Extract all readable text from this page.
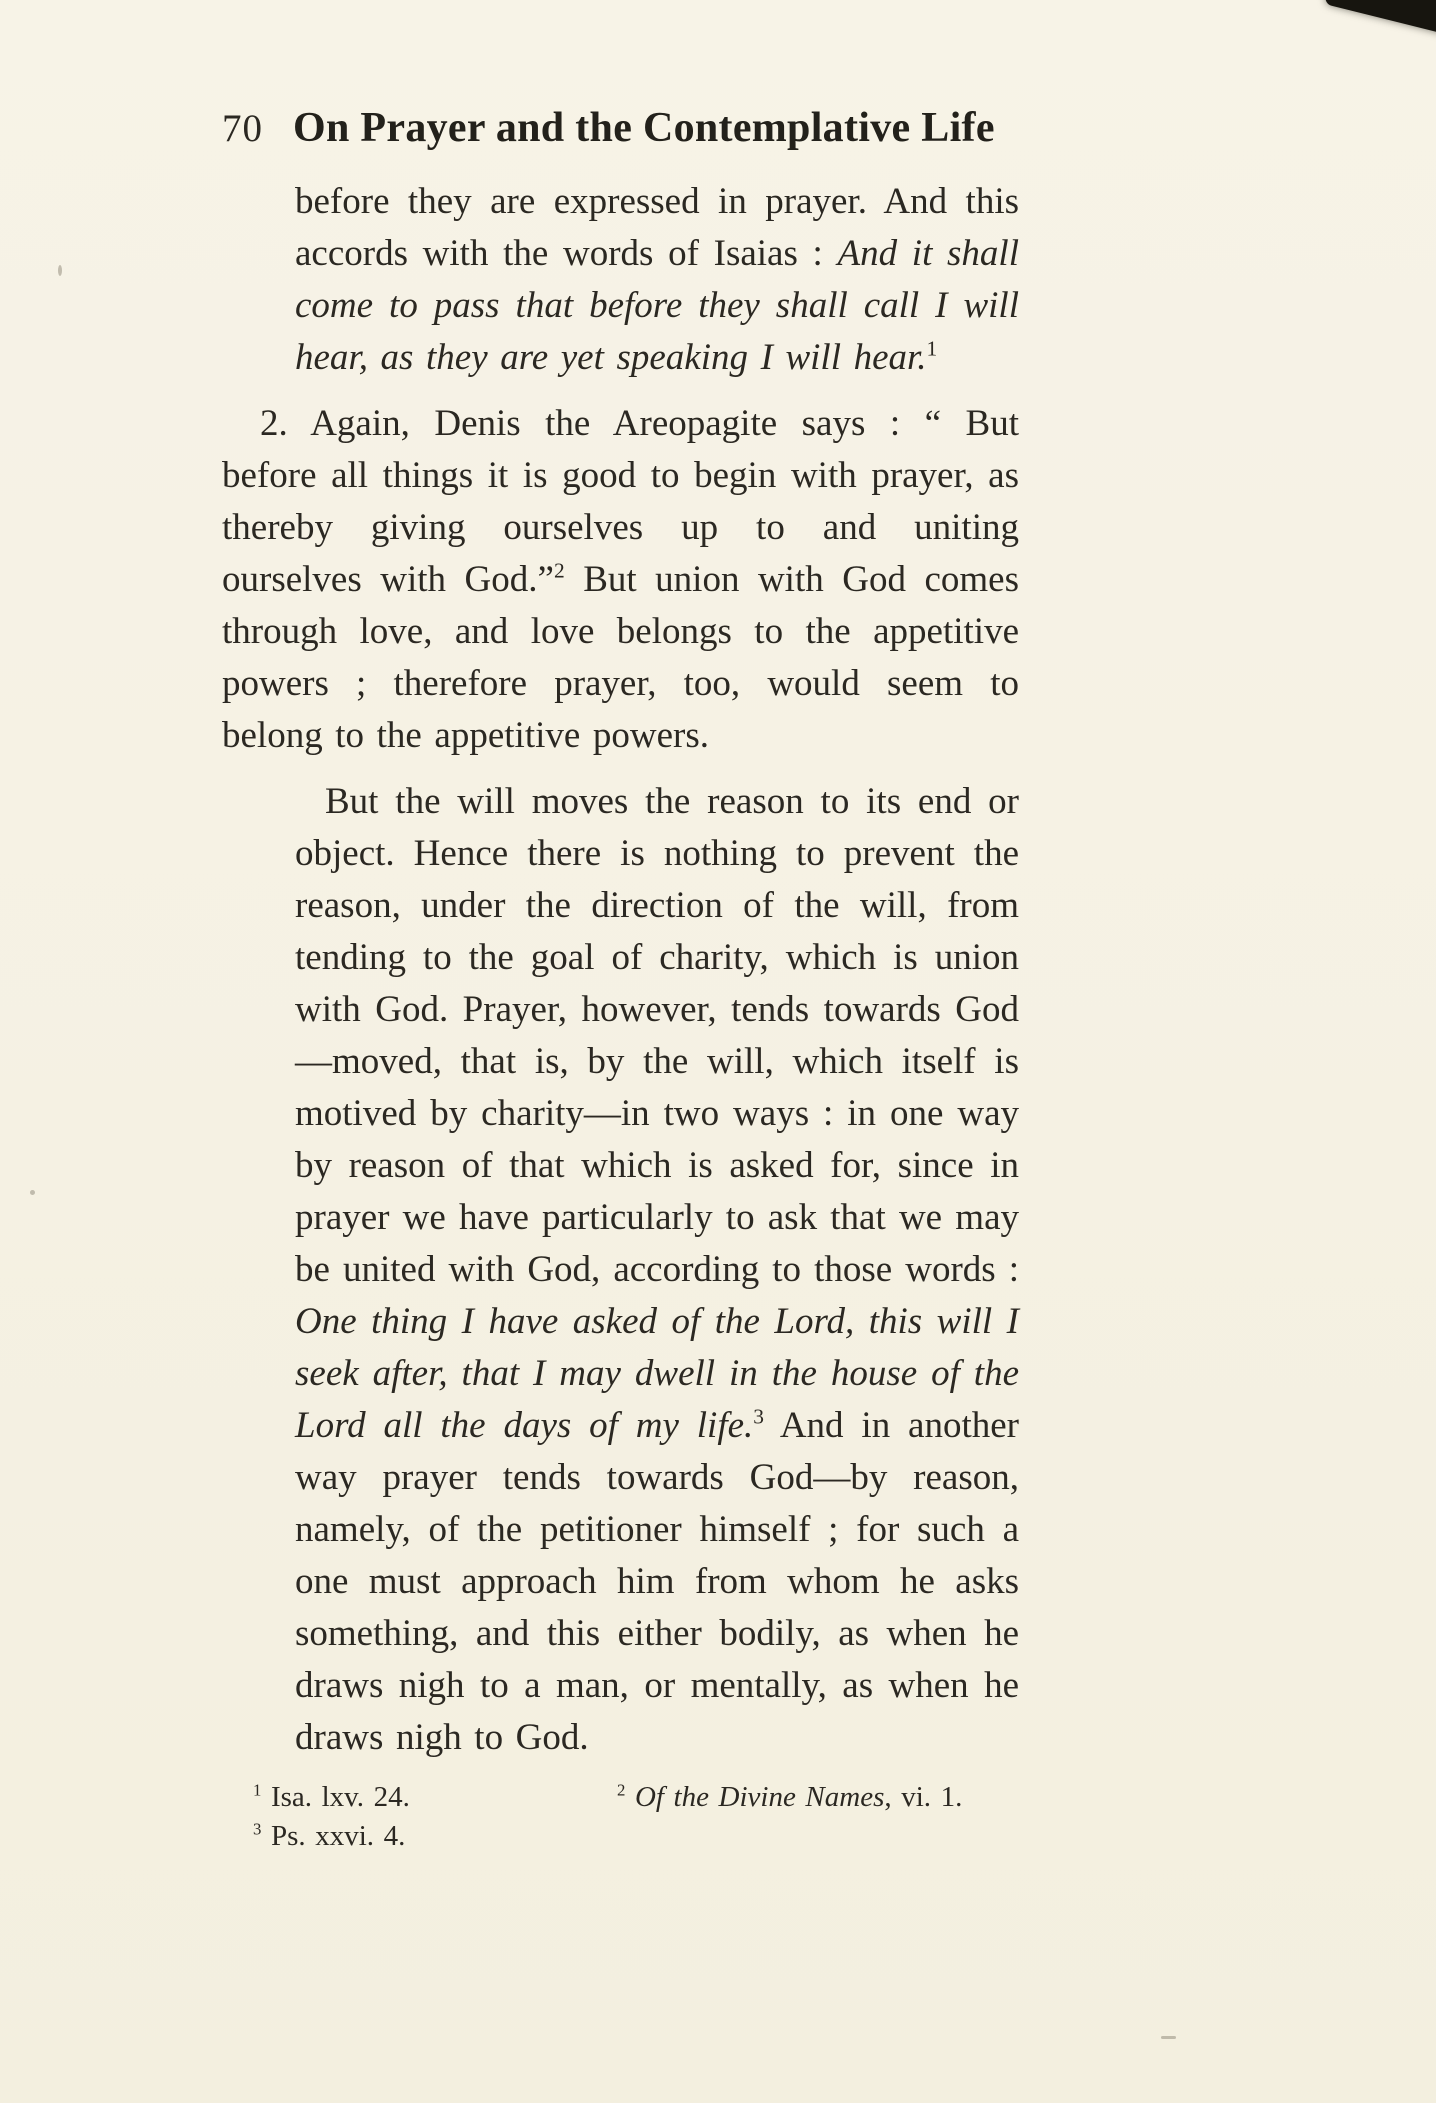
70 On Prayer and the Contemplative Life

before they are expressed in prayer. And this accords with the words of Isaias : And it shall come to pass that before they shall call I will hear, as they are yet speaking I will hear.$^1$

2. Again, Denis the Areopagite says : “ But before all things it is good to begin with prayer, as thereby giving ourselves up to and uniting ourselves with God.”$^2$ But union with God comes through love, and love belongs to the appetitive powers ; therefore prayer, too, would seem to belong to the appetitive powers.

But the will moves the reason to its end or object. Hence there is nothing to prevent the reason, under the direction of the will, from tending to the goal of charity, which is union with God. Prayer, however, tends towards God—moved, that is, by the will, which itself is motived by charity—in two ways : in one way by reason of that which is asked for, since in prayer we have particularly to ask that we may be united with God, according to those words : One thing I have asked of the Lord, this will I seek after, that I may dwell in the house of the Lord all the days of my life.$^3$ And in another way prayer tends towards God—by reason, namely, of the petitioner himself ; for such a one must approach him from whom he asks something, and this either bodily, as when he draws nigh to a man, or mentally, as when he draws nigh to God.

$^1$ Isa. lxv. 24.	$^2$ Of the Divine Names, vi. 1.
$^3$ Ps. xxvi. 4.
